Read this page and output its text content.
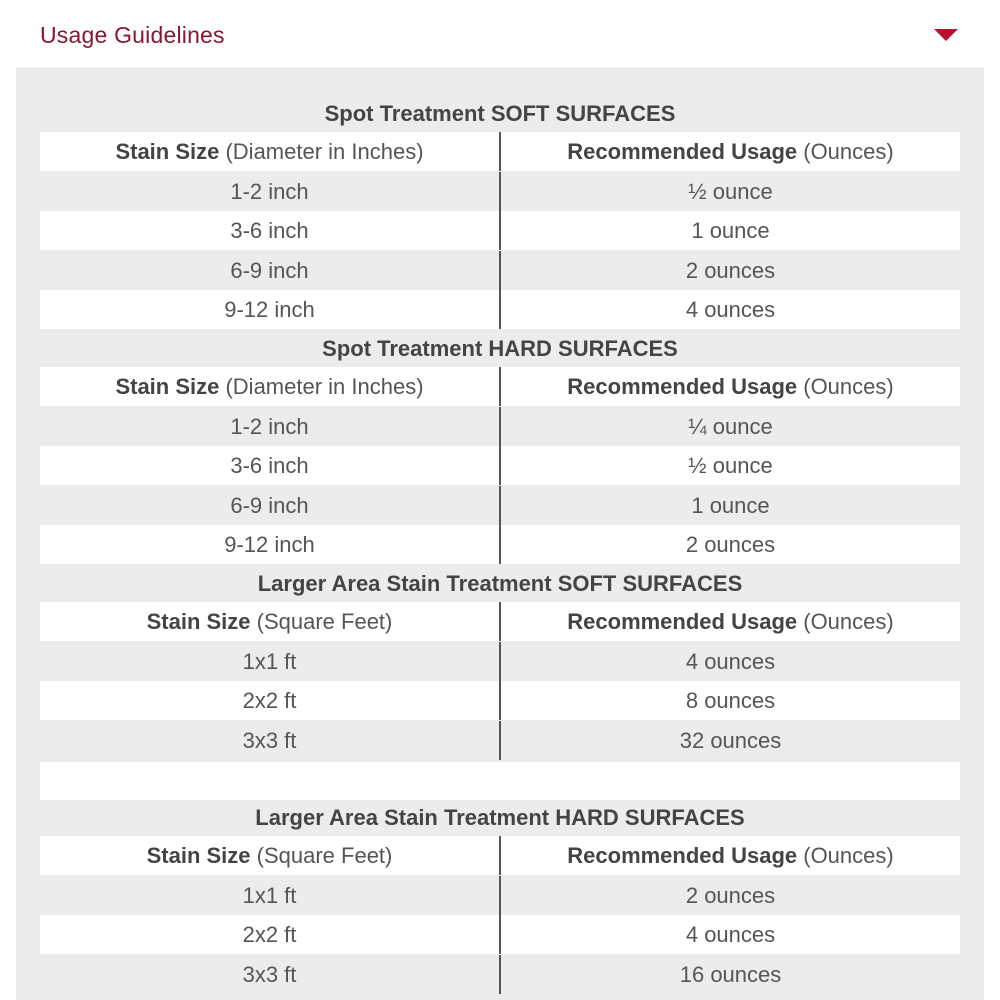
Usage Guidelines
Spot Treatment SOFT SURFACES
Stain Size (Diameter in Inches)	Recommended Usage (Ounces)
1-2 inch	½ ounce
3-6 inch	1 ounce
6-9 inch	2 ounces
9-12 inch	4 ounces
Spot Treatment HARD SURFACES
Stain Size (Diameter in Inches)	Recommended Usage (Ounces)
1-2 inch	¼ ounce
3-6 inch	½ ounce
6-9 inch	1 ounce
9-12 inch	2 ounces
Larger Area Stain Treatment SOFT SURFACES
Stain Size (Square Feet)	Recommended Usage (Ounces)
1x1 ft	4 ounces
2x2 ft	8 ounces
3x3 ft	32 ounces
Larger Area Stain Treatment HARD SURFACES
Stain Size (Square Feet)	Recommended Usage (Ounces)
1x1 ft	2 ounces
2x2 ft	4 ounces
3x3 ft	16 ounces
